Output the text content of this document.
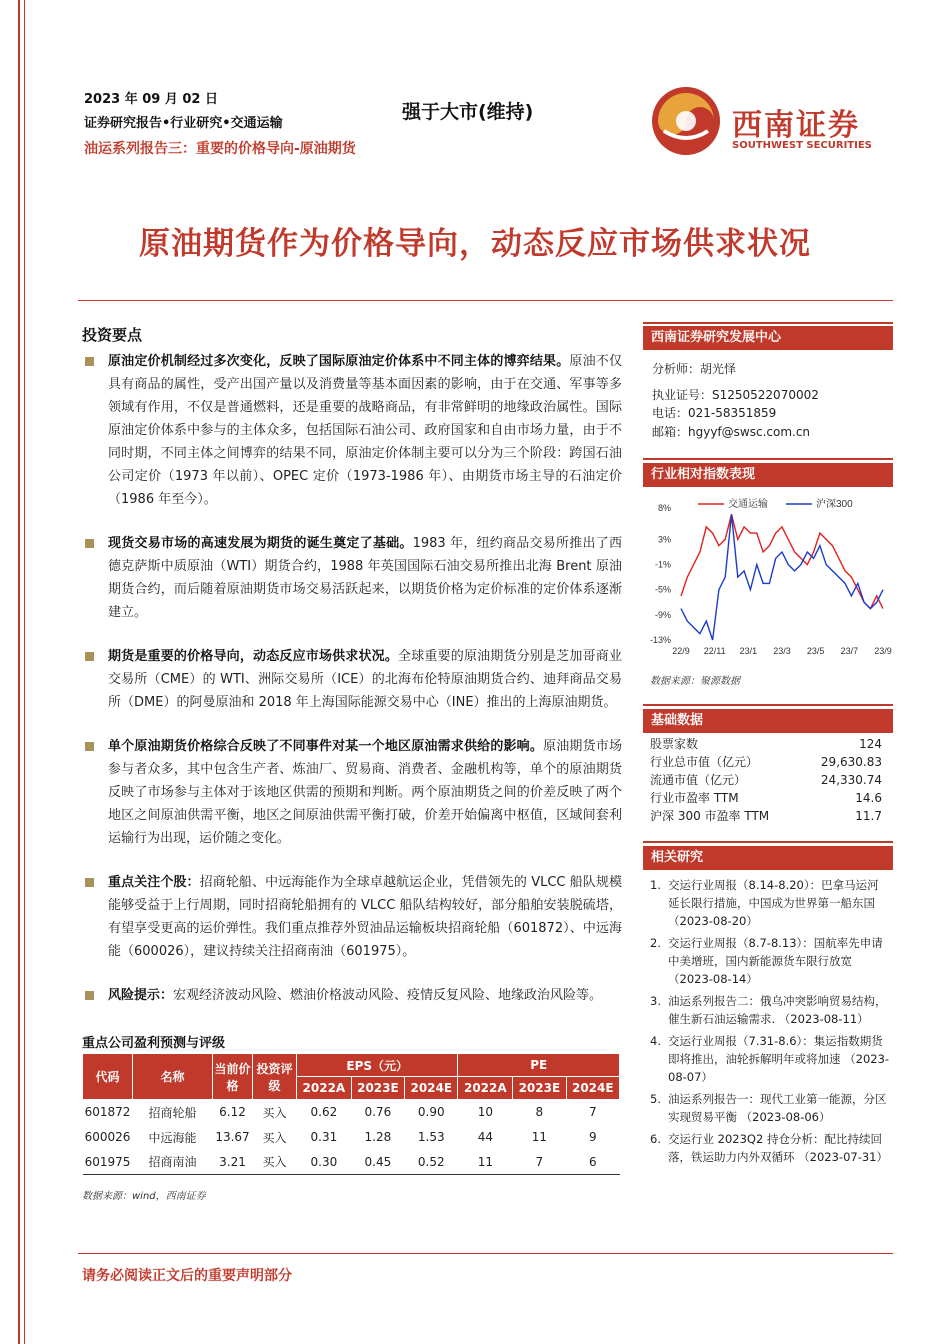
2023 年 09 月 02 日
证券研究报告•行业研究•交通运输
油运系列报告三：重要的价格导向-原油期货
强于大市(维持)	西南证券
SOUTHWEST SECURITIES
原油期货作为价格导向，动态反应市场供求状况
投资要点
原油定价机制经过多次变化，反映了国际原油定价体系中不同主体的博弈结果。原油不仅具有商品的属性，受产出国产量以及消费量等基本面因素的影响，由于在交通、军事等多领域有作用，不仅是普通燃料，还是重要的战略商品，有非常鲜明的地缘政治属性。国际原油定价体系中参与的主体众多，包括国际石油公司、政府国家和自由市场力量，由于不同时期，不同主体之间博弈的结果不同，原油定价体制主要可以分为三个阶段：跨国石油公司定价（1973 年以前）、OPEC 定价（1973-1986 年）、由期货市场主导的石油定价（1986 年至今）。
现货交易市场的高速发展为期货的诞生奠定了基础。1983 年，纽约商品交易所推出了西德克萨斯中质原油（WTI）期货合约，1988 年英国国际石油交易所推出北海 Brent 原油期货合约，而后随着原油期货市场交易活跃起来，以期货价格为定价标准的定价体系逐渐建立。
期货是重要的价格导向，动态反应市场供求状况。全球重要的原油期货分别是芝加哥商业交易所（CME）的 WTI、洲际交易所（ICE）的北海布伦特原油期货合约、迪拜商品交易所（DME）的阿曼原油和 2018 年上海国际能源交易中心（INE）推出的上海原油期货。
单个原油期货价格综合反映了不同事件对某一个地区原油需求供给的影响。原油期货市场参与者众多，其中包含生产者、炼油厂、贸易商、消费者、金融机构等，单个的原油期货反映了市场参与主体对于该地区供需的预期和判断。两个原油期货之间的价差反映了两个地区之间原油供需平衡，地区之间原油供需平衡打破，价差开始偏离中枢值，区域间套利运输行为出现，运价随之变化。
重点关注个股：招商轮船、中远海能作为全球卓越航运企业，凭借领先的 VLCC 船队规模能够受益于上行周期，同时招商轮船拥有的 VLCC 船队结构较好，部分船舶安装脱硫塔，有望享受更高的运价弹性。我们重点推荐外贸油品运输板块招商轮船（601872）、中远海能（600026），建议持续关注招商南油（601975）。
风险提示：宏观经济波动风险、燃油价格波动风险、疫情反复风险、地缘政治风险等。
重点公司盈利预测与评级
代码	名称	当前价格	投资评级	EPS（元）			PE		
				2022A	2023E	2024E	2022A	2023E	2024E
601872	招商轮船	6.12	买入	0.62	0.76	0.90	10	8	7
600026	中远海能	13.67	买入	0.31	1.28	1.53	44	11	9
601975	招商南油	3.21	买入	0.30	0.45	0.52	11	7	6
数据来源：wind，西南证券
西南证券研究发展中心
分析师：胡光怿
执业证号：S1250522070002
电话：021-58351859
邮箱：hgyyf@swsc.com.cn
行业相对指数表现
8%
3%
-1%
-5%
-9%
-13%
22/9 22/11 23/1 23/3 23/5 23/7 23/9
交通运输	沪深300
数据来源：聚源数据
基础数据
股票家数	124
行业总市值（亿元）	29,630.83
流通市值（亿元）	24,330.74
行业市盈率 TTM	14.6
沪深 300 市盈率 TTM	11.7
相关研究
1. 交运行业周报（8.14-8.20）：巴拿马运河延长限行措施，中国成为世界第一船东国 （2023-08-20）
2. 交运行业周报（8.7-8.13）：国航率先申请中美增班，国内新能源货车限行放宽 （2023-08-14）
3. 油运系列报告二：俄乌冲突影响贸易结构，催生新石油运输需求. （2023-08-11）
4. 交运行业周报（7.31-8.6）：集运指数期货即将推出，油轮拆解明年或将加速 （2023-08-07）
5. 油运系列报告一：现代工业第一能源，分区实现贸易平衡 （2023-08-06）
6. 交运行业 2023Q2 持仓分析：配比持续回落，铁运助力内外双循环 （2023-07-31）
请务必阅读正文后的重要声明部分
